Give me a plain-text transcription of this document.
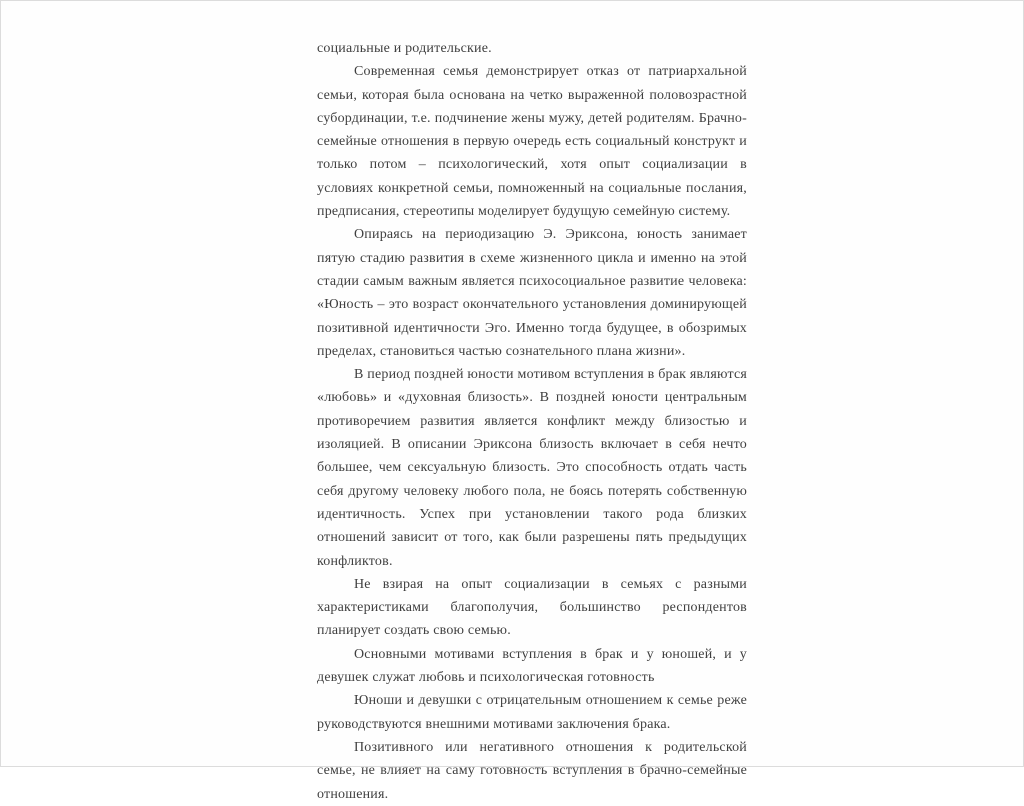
социальные и родительские.

Современная семья демонстрирует отказ от патриархальной семьи, которая была основана на четко выраженной половозрастной субординации, т.е. подчинение жены мужу, детей родителям. Брачно-семейные отношения в первую очередь есть социальный конструкт и только потом – психологический, хотя опыт социализации в условиях конкретной семьи, помноженный на социальные послания, предписания, стереотипы моделирует будущую семейную систему.

Опираясь на периодизацию Э. Эриксона, юность занимает пятую стадию развития в схеме жизненного цикла и именно на этой стадии самым важным является психосоциальное развитие человека: «Юность – это возраст окончательного установления доминирующей позитивной идентичности Эго. Именно тогда будущее, в обозримых пределах, становиться частью сознательного плана жизни».

В период поздней юности мотивом вступления в брак являются «любовь» и «духовная близость». В поздней юности центральным противоречием развития является конфликт между близостью и изоляцией. В описании Эриксона близость включает в себя нечто большее, чем сексуальную близость. Это способность отдать часть себя другому человеку любого пола, не боясь потерять собственную идентичность. Успех при установлении такого рода близких отношений зависит от того, как были разрешены пять предыдущих конфликтов.

Не взирая на опыт социализации в семьях с разными характеристиками благополучия, большинство респондентов планирует создать свою семью.

Основными мотивами вступления в брак и у юношей, и у девушек служат любовь и психологическая готовность

Юноши и девушки с отрицательным отношением к семье реже руководствуются внешними мотивами заключения брака.

Позитивного или негативного отношения к родительской семье, не влияет на саму готовность вступления в брачно-семейные отношения.
